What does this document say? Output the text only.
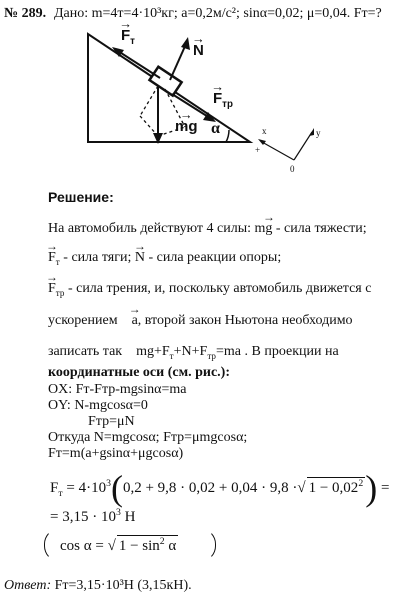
№ 289. Дано: m=4т=4·10³кг; a=0,2м/с²; sinα=0,02; μ=0,04. Fт=?
→ $F_т$
→ N
→ $F_{тр}$
→ mg α
+
x	y
0
Решение:
На автомобиль действуют 4 силы: m→ g - сила тяжести;
→ $F_т$ - сила тяги; → N - сила реакции опоры;
→ $F_{тр}$ - сила трения, и, поскольку автомобиль движется с
ускорением → a, второй закон Ньютона необходимо
записать так $mg+F_т+N+F_{тр}=ma$ . В проекции на
координатные оси (см. рис.):
OX: Fт-Fтр-mgsinα=ma
OY: N-mgcosα=0
Fтр=μN
Откуда N=mgcosα; Fтр=μmgcosα;
Fт=m(a+gsinα+μgcosα)
$F_т = 4\cdot 10^3(0,2 + 9,8 \cdot 0,02 + 0,04 \cdot 9,8$ ·√ $1 - 0,02^2$) =
= $3,15 \cdot 10^3$ Н
cos α = √ $1 - \sin^2 \alpha$
Ответ: Fт=3,15·10³Н (3,15кН).
